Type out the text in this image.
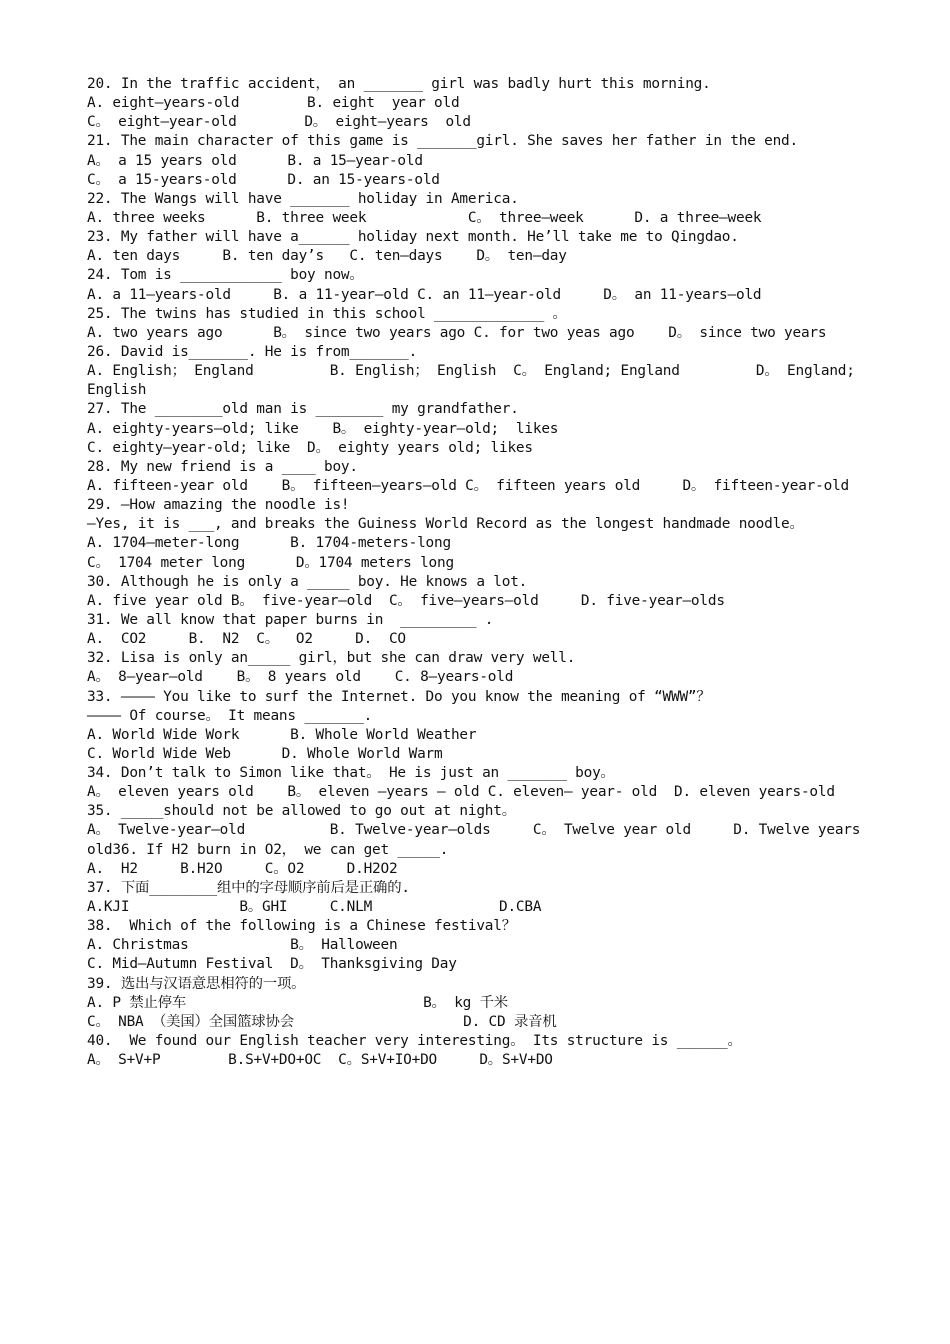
20. In the traffic accident， an _______ girl was badly hurt this morning.
A. eight—years-old        B. eight  year old
C。 eight—year-old        D。 eight—years  old
21. The main character of this game is _______girl. She saves her father in the end.
A。 a 15 years old      B. a 15—year-old
C。 a 15-years-old      D. an 15-years-old
22. The Wangs will have _______ holiday in America.
A. three weeks      B. three week            C。 three—week      D. a three—week
23. My father will have a______ holiday next month. He’ll take me to Qingdao.
A. ten days     B. ten day’s   C. ten—days    D。 ten—day
24. Tom is ____________ boy now。
A. a 11—years-old     B. a 11-year—old C. an 11—year-old     D。 an 11-years—old
25. The twins has studied in this school _____________ 。
A. two years ago      B。 since two years ago C. for two yeas ago    D。 since two years
26. David is_______. He is from_______.
A. English； England         B. English； English  C。 England; England         D。 England;
English
27. The ________old man is ________ my grandfather.
A. eighty-years—old; like    B。 eighty-year—old;  likes
C. eighty—year-old; like  D。 eighty years old; likes
28. My new friend is a ____ boy.
A. fifteen-year old    B。 fifteen—years—old C。 fifteen years old     D。 fifteen-year-old
29. —How amazing the noodle is!
—Yes, it is ___, and breaks the Guiness World Record as the longest handmade noodle。
A. 1704—meter-long      B. 1704-meters-long
C。 1704 meter long      D。1704 meters long
30. Although he is only a _____ boy. He knows a lot.
A. five year old B。 five-year—old  C。 five—years—old     D. five-year—olds
31. We all know that paper burns in  _________ .
A.  CO2     B.  N2  C。  O2     D.  CO
32. Lisa is only an_____ girl，but she can draw very well.
A。 8—year—old    B。 8 years old    C. 8—years-old
33. ———— You like to surf the Internet. Do you know the meaning of “WWW”？
———— Of course。 It means _______.
A. World Wide Work      B. Whole World Weather
C. World Wide Web      D. Whole World Warm
34. Don’t talk to Simon like that。 He is just an _______ boy。
A。 eleven years old    B。 eleven –years – old C. eleven— year- old  D. eleven years-old
35. _____should not be allowed to go out at night。
A。 Twelve-year—old          B. Twelve-year—olds     C。 Twelve year old     D. Twelve years
old36. If H2 burn in O2， we can get _____.
A.  H2     B.H2O     C。O2     D.H2O2
37. 下面________组中的字母顺序前后是正确的.
A.KJI             B。GHI     C.NLM               D.CBA
38.  Which of the following is a Chinese festival？
A. Christmas            B。 Halloween
C. Mid—Autumn Festival  D。 Thanksgiving Day
39. 选出与汉语意思相符的一项。
A. P 禁止停车                            B。 kg 千米
C。 NBA （美国）全国篮球协会                    D. CD 录音机
40.  We found our English teacher very interesting。 Its structure is ______。
A。 S+V+P        B.S+V+DO+OC  C。S+V+IO+DO     D。S+V+DO
